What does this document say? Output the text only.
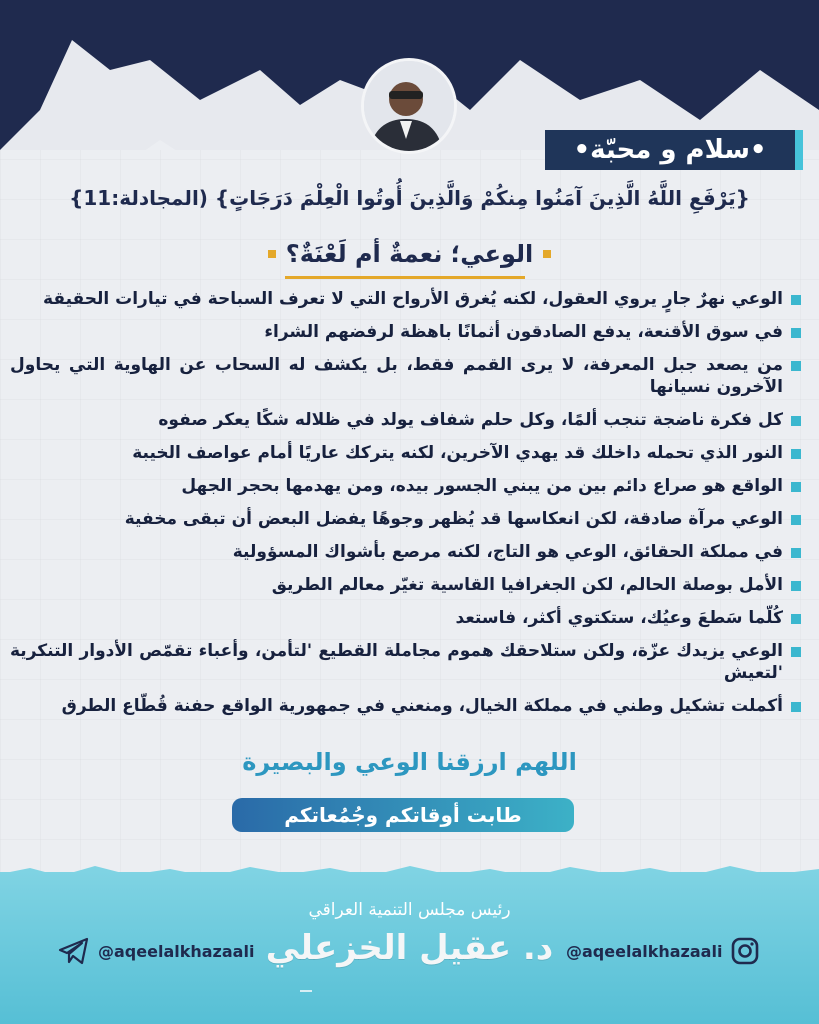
•سلام و محبّة•
{يَرْفَعِ اللَّهُ الَّذِينَ آمَنُوا مِنكُمْ وَالَّذِينَ أُوتُوا الْعِلْمَ دَرَجَاتٍ} (المجادلة:11}
الوعي؛ نعمةٌ أم لَعْنَةٌ؟
الوعي نهرٌ جارٍ يروي العقول، لكنه يُغرق الأرواح التي لا تعرف السباحة في تيارات الحقيقة
في سوق الأقنعة، يدفع الصادقون أثمانًا باهظة لرفضهم الشراء
من يصعد جبل المعرفة، لا يرى القمم فقط، بل يكشف له السحاب عن الهاوية التي يحاول الآخرون نسيانها
كل فكرة ناضجة تنجب ألمًا، وكل حلم شفاف يولد في ظلاله شكًا يعكر صفوه
النور الذي تحمله داخلك قد يهدي الآخرين، لكنه يتركك عاريًا أمام عواصف الخيبة
الواقع هو صراع دائم بين من يبني الجسور بيده، ومن يهدمها بحجر الجهل
الوعي مرآة صادقة، لكن انعكاسها قد يُظهر وجوهًا يفضل البعض أن تبقى مخفية
في مملكة الحقائق، الوعي هو التاج، لكنه مرصع بأشواك المسؤولية
الأمل بوصلة الحالم، لكن الجغرافيا القاسية تغيّر معالم الطريق
كُلّما سَطعَ وعيُك، ستكتوي أكثر، فاستعد
الوعي يزيدك عزّة، ولكن ستلاحقك هموم مجاملة القطيع 'لتأمن، وأعباء تقمّص الأدوار التنكرية 'لتعيش
أكملت تشكيل وطني في مملكة الخيال، ومنعني في جمهورية الواقع حفنة قُطّاع الطرق
اللهم ارزقنا الوعي والبصيرة
طابت أوقاتكم وجُمُعاتكم
رئيس مجلس التنمية العراقي
د. عقيل الخزعلي
@aqeelalkhazaali	@aqeelalkhazaali
